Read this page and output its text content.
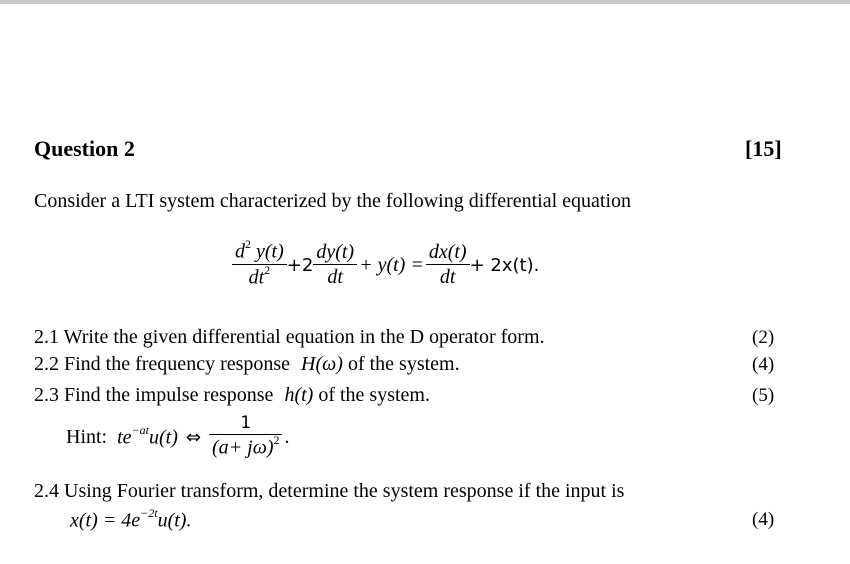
Question 2	[15]
Consider a LTI system characterized by the following differential equation
$\frac{d^2 y(t)}{dt^2} +2 \frac{dy(t)}{dt} + y(t) = \frac{dx(t)}{dt} + 2x(t)$.
2.1 Write the given differential equation in the D operator form.	(2)
2.2 Find the frequency response H(ω) of the system.	(4)
2.3 Find the impulse response h(t) of the system.	(5)
Hint: $te^{-at}u(t)$ ⇔ $\frac{1}{(a+ j\omega)^2}$ .
2.4 Using Fourier transform, determine the system response if the input is
$x(t) = 4e^{-2t}u(t)$.	(4)
